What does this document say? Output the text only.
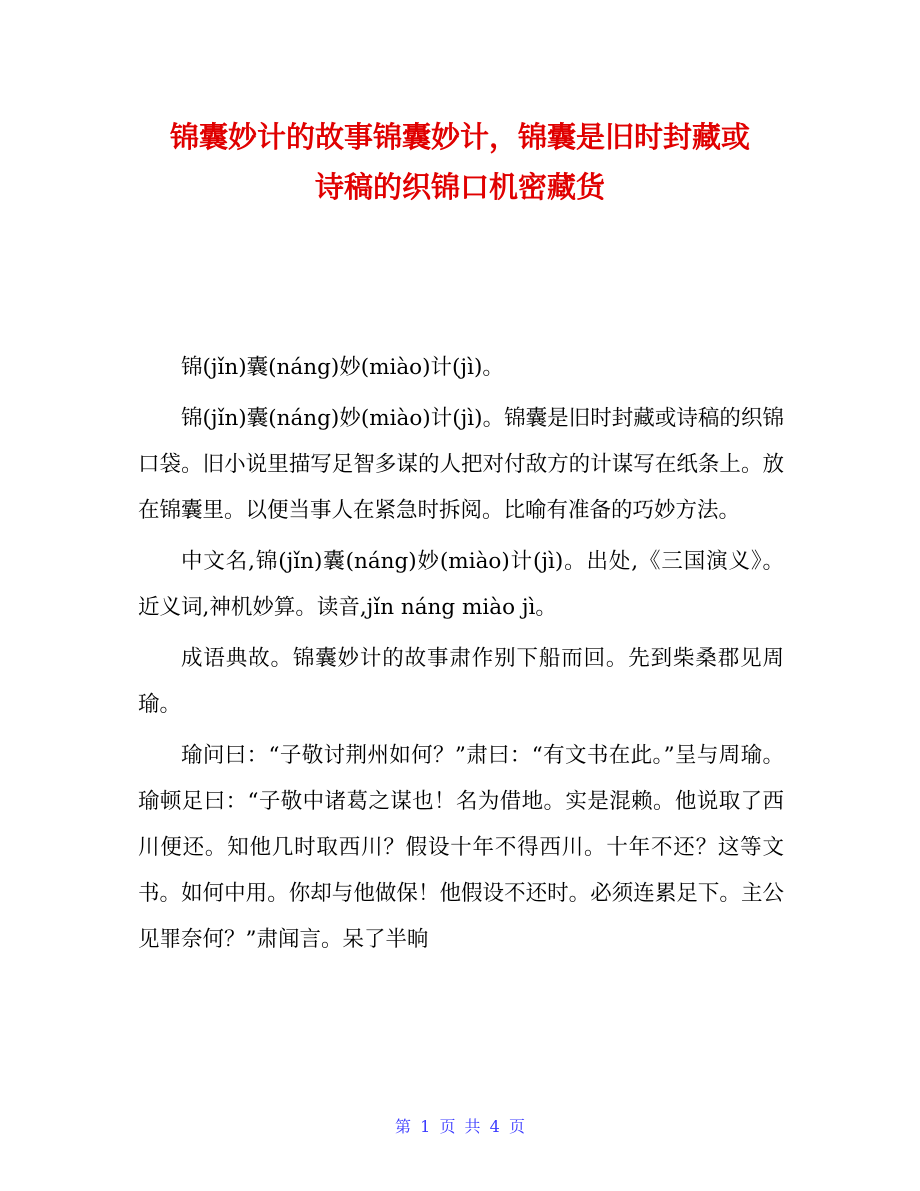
锦囊妙计的故事锦囊妙计，锦囊是旧时封藏或
诗稿的织锦口机密藏货

锦(jǐn)囊(náng)妙(miào)计(jì)。

锦(jǐn)囊(náng)妙(miào)计(jì)。锦囊是旧时封藏或诗稿的织锦口袋。旧小说里描写足智多谋的人把对付敌方的计谋写在纸条上。放在锦囊里。以便当事人在紧急时拆阅。比喻有准备的巧妙方法。

中文名,锦(jǐn)囊(náng)妙(miào)计(jì)。出处,《三国演义》。近义词,神机妙算。读音,jǐn náng miào jì。

成语典故。锦囊妙计的故事肃作别下船而回。先到柴桑郡见周瑜。

瑜问曰：“子敬讨荆州如何？”肃曰：“有文书在此。”呈与周瑜。瑜顿足曰：“子敬中诸葛之谋也！名为借地。实是混赖。他说取了西川便还。知他几时取西川？假设十年不得西川。十年不还？这等文书。如何中用。你却与他做保！他假设不还时。必须连累足下。主公见罪奈何？”肃闻言。呆了半晌

第 1 页 共 4 页
